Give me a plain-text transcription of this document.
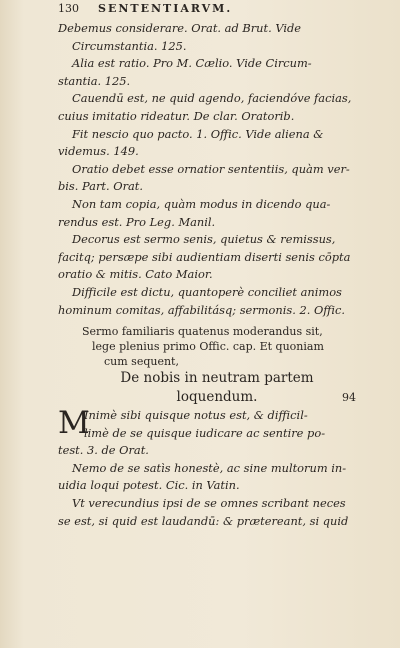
130 SENTENTIARVM.
Debemus considerare. Orat. ad Brut. Vide
Circumstantia. 125.
Alia est ratio. Pro M. Cælio. Vide Circum-
stantia. 125.
Cauendū est, ne quid agendo, faciendóve facias,
cuius imitatio rideatur. De clar. Oratorib.
Fit nescio quo pacto. 1. Offic. Vide aliena &
videmus. 149.
Oratio debet esse ornatior sententiis, quàm ver-
bis. Part. Orat.
Non tam copia, quàm modus in dicendo qua-
rendus est. Pro Leg. Manil.
Decorus est sermo senis, quietus & remissus,
facitq; persæpe sibi audientiam diserti senis cōpta
oratio & mitis. Cato Maior.
Difficile est dictu, quantoperè conciliet animos
hominum comitas, affabilitásq; sermonis. 2. Offic.
Sermo familiaris quatenus moderandus sit,
lege plenius primo Offic. cap. Et quoniam
cum sequent,
De nobis in neutram partem
loquendum.	94
M
Inimè sibi quisque notus est, & difficil-
limè de se quisque iudicare ac sentire po-
test. 3. de Orat.
Nemo de se satìs honestè, ac sine multorum in-
uidia loqui potest. Cic. in Vatin.
Vt verecundius ipsi de se omnes scribant neces
se est, si quid est laudandū: & prætereant, si quid
